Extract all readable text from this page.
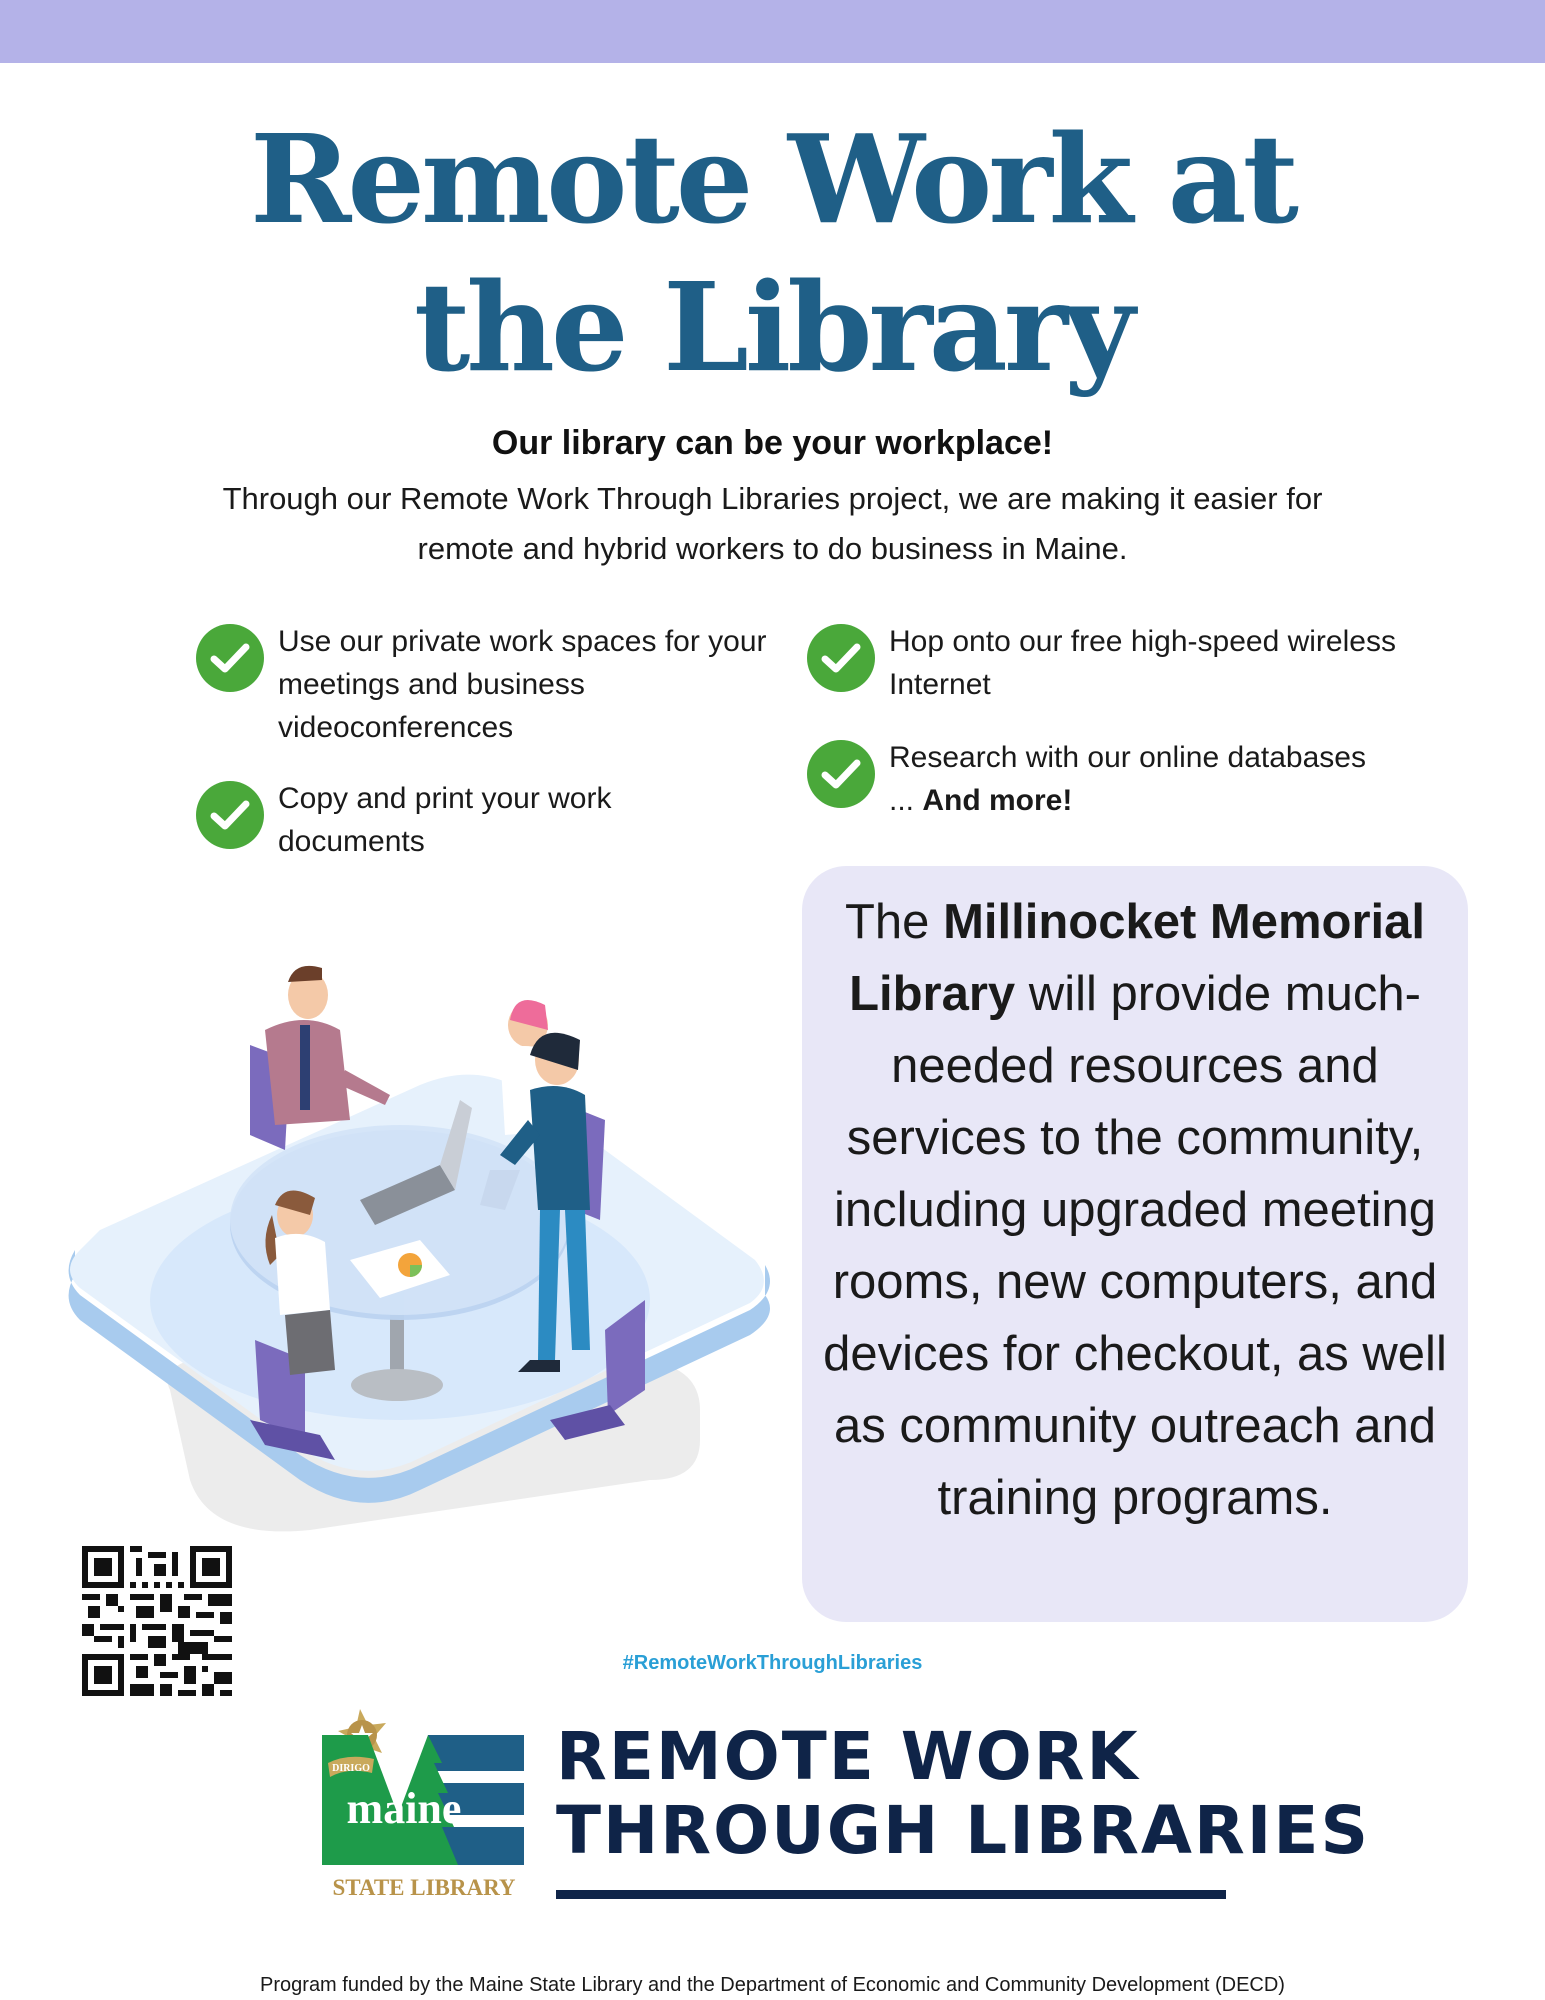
Remote Work at
the Library
Our library can be your workplace!
Through our Remote Work Through Libraries project, we are making it easier for remote and hybrid workers to do business in Maine.
Use our private work spaces for your meetings and business videoconferences
Copy and print your work documents
Hop onto our free high-speed wireless Internet
Research with our online databases
... And more!
The Millinocket Memorial Library will provide much-needed resources and services to the community, including upgraded meeting rooms, new computers, and devices for checkout, as well as community outreach and training programs.
#RemoteWorkThroughLibraries
DIRIGO
maine
STATE LIBRARY
REMOTE WORK
THROUGH LIBRARIES
Program funded by the Maine State Library and the Department of Economic and Community Development (DECD)
